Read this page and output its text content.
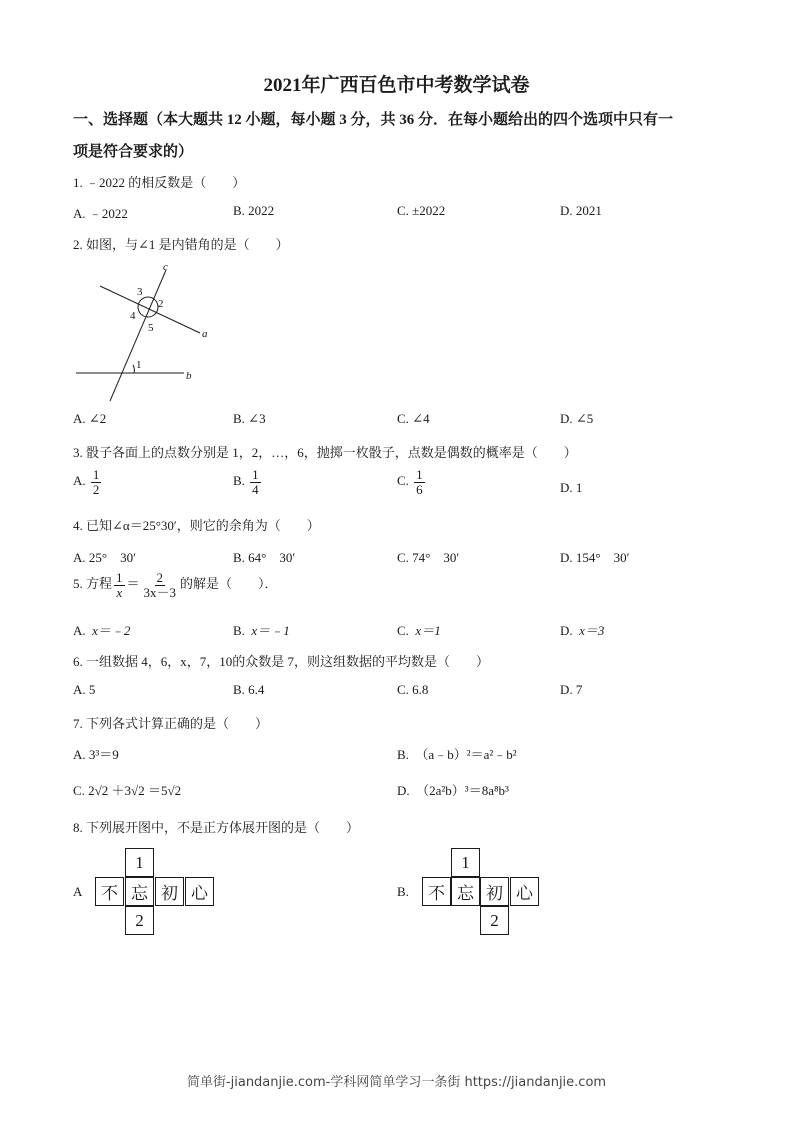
2021年广西百色市中考数学试卷
一、选择题（本大题共 12 小题，每小题 3 分，共 36 分．在每小题给出的四个选项中只有一
项是符合要求的）
1. ﹣2022 的相反数是（　　）
A. ﹣2022	B. 2022	C. ±2022	D. 2021
2. 如图，与∠1 是内错角的是（　　）
c
a
b
3
2
4
5
1
A. ∠2	B. ∠3	C. ∠4	D. ∠5
3. 骰子各面上的点数分别是 1，2，…，6，抛掷一枚骰子，点数是偶数的概率是（　　）
A. $\frac{1}{2}$	B. $\frac{1}{4}$	C. $\frac{1}{6}$	D. 1
4. 已知∠α＝25°30′，则它的余角为（　　）
A. 25°　30′	B. 64°　30′	C. 74°　30′	D. 154°　30′
5. 方程 $\frac{1}{x} = \frac{2}{3x-3}$ 的解是（　　）．
A. x＝﹣2	B. x＝﹣1	C. x＝1	D. x＝3
6. 一组数据 4，6，x，7，10的众数是 7，则这组数据的平均数是（　　）
A. 5	B. 6.4	C. 6.8	D. 7
7. 下列各式计算正确的是（　　）
A. 3³＝9	B.　（a﹣b）²＝a²﹣b²
C. 2√2 ＋3√2 ＝5√2	D.　（2a²b）³＝8a⁸b³
8. 下列展开图中，不是正方体展开图的是（　　）
A
1
不 忘 初 心
2
B.
1
不 忘 初 心
2
简单街-jiandanjie.com-学科网简单学习一条街 https://jiandanjie.com
